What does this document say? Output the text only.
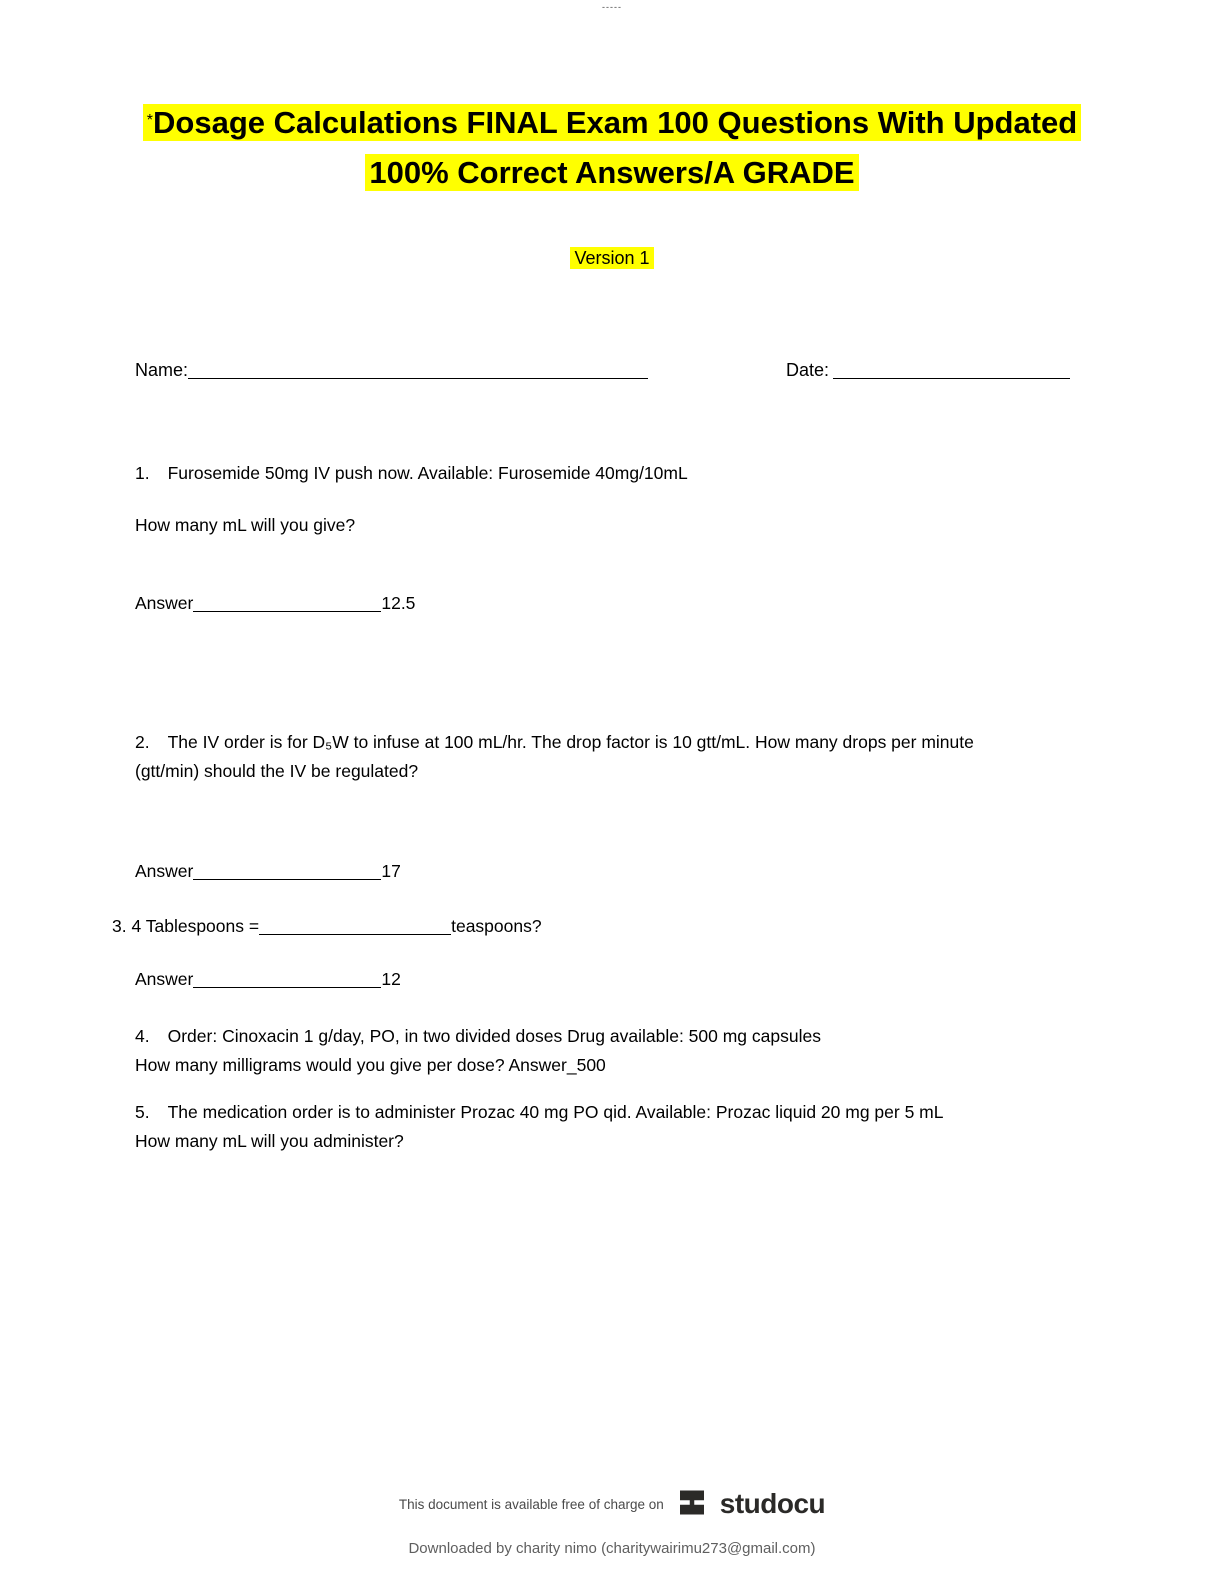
-----
*Dosage Calculations FINAL Exam 100 Questions With Updated
100% Correct Answers/A GRADE
Version 1
Name:	Date:
1. Furosemide 50mg IV push now. Available: Furosemide 40mg/10mL
How many mL will you give?
Answer	12.5
2. The IV order is for D₅W to infuse at 100 mL/hr. The drop factor is 10 gtt/mL. How many drops per minute
(gtt/min) should the IV be regulated?
Answer	17
3. 4 Tablespoons =	teaspoons?
Answer	12
4. Order: Cinoxacin 1 g/day, PO, in two divided doses Drug available: 500 mg capsules
How many milligrams would you give per dose? Answer_500
5. The medication order is to administer Prozac 40 mg PO qid. Available: Prozac liquid 20 mg per 5 mL
How many mL will you administer?
This document is available free of charge on studocu
Downloaded by charity nimo (charitywairimu273@gmail.com)
